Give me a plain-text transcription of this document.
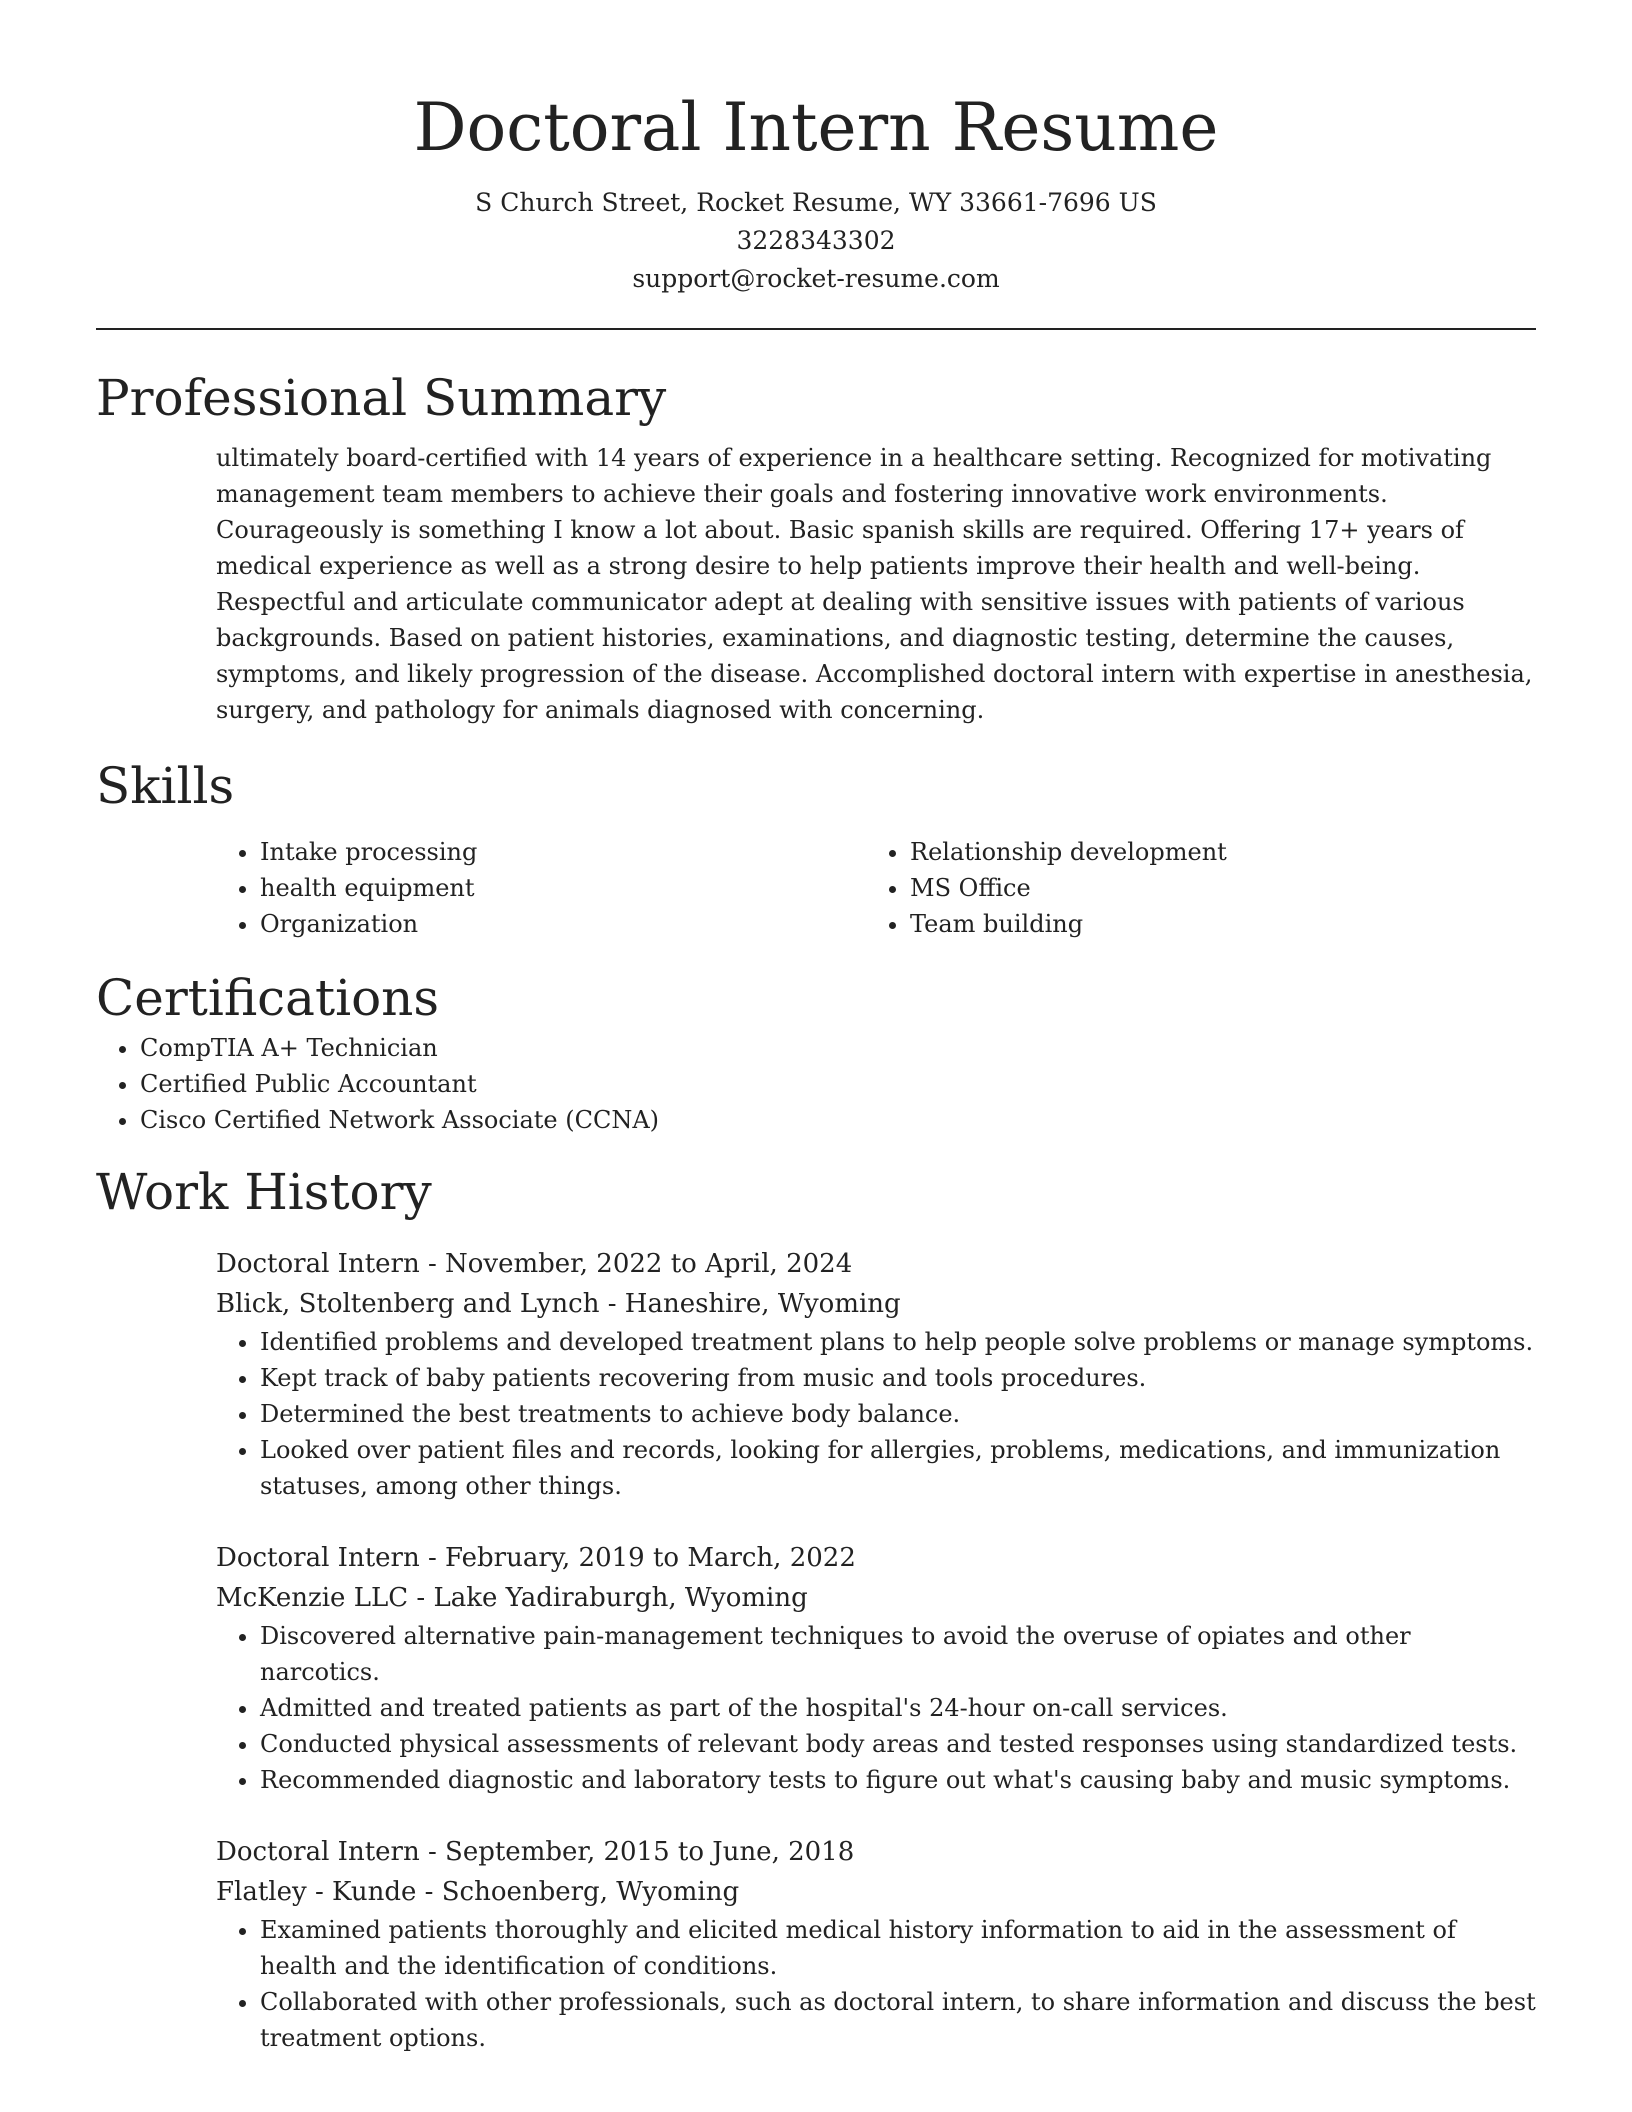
Doctoral Intern Resume
S Church Street, Rocket Resume, WY 33661-7696 US
3228343302
support@rocket-resume.com
Professional Summary

ultimately board-certified with 14 years of experience in a healthcare setting. Recognized for motivating management team members to achieve their goals and fostering innovative work environments. Courageously is something I know a lot about. Basic spanish skills are required. Offering 17+ years of medical experience as well as a strong desire to help patients improve their health and well-being. Respectful and articulate communicator adept at dealing with sensitive issues with patients of various backgrounds. Based on patient histories, examinations, and diagnostic testing, determine the causes, symptoms, and likely progression of the disease. Accomplished doctoral intern with expertise in anesthesia, surgery, and pathology for animals diagnosed with concerning.

Skills
• Intake processing
• health equipment
• Organization
• Relationship development
• MS Office
• Team building
Certifications
• CompTIA A+ Technician
• Certified Public Accountant
• Cisco Certified Network Associate (CCNA)
Work History
Doctoral Intern - November, 2022 to April, 2024
Blick, Stoltenberg and Lynch - Haneshire, Wyoming
• Identified problems and developed treatment plans to help people solve problems or manage symptoms.
• Kept track of baby patients recovering from music and tools procedures.
• Determined the best treatments to achieve body balance.
• Looked over patient files and records, looking for allergies, problems, medications, and immunization statuses, among other things.
Doctoral Intern - February, 2019 to March, 2022
McKenzie LLC - Lake Yadiraburgh, Wyoming
• Discovered alternative pain-management techniques to avoid the overuse of opiates and other narcotics.
• Admitted and treated patients as part of the hospital's 24-hour on-call services.
• Conducted physical assessments of relevant body areas and tested responses using standardized tests.
• Recommended diagnostic and laboratory tests to figure out what's causing baby and music symptoms.
Doctoral Intern - September, 2015 to June, 2018
Flatley - Kunde - Schoenberg, Wyoming
• Examined patients thoroughly and elicited medical history information to aid in the assessment of health and the identification of conditions.
• Collaborated with other professionals, such as doctoral intern, to share information and discuss the best treatment options.
